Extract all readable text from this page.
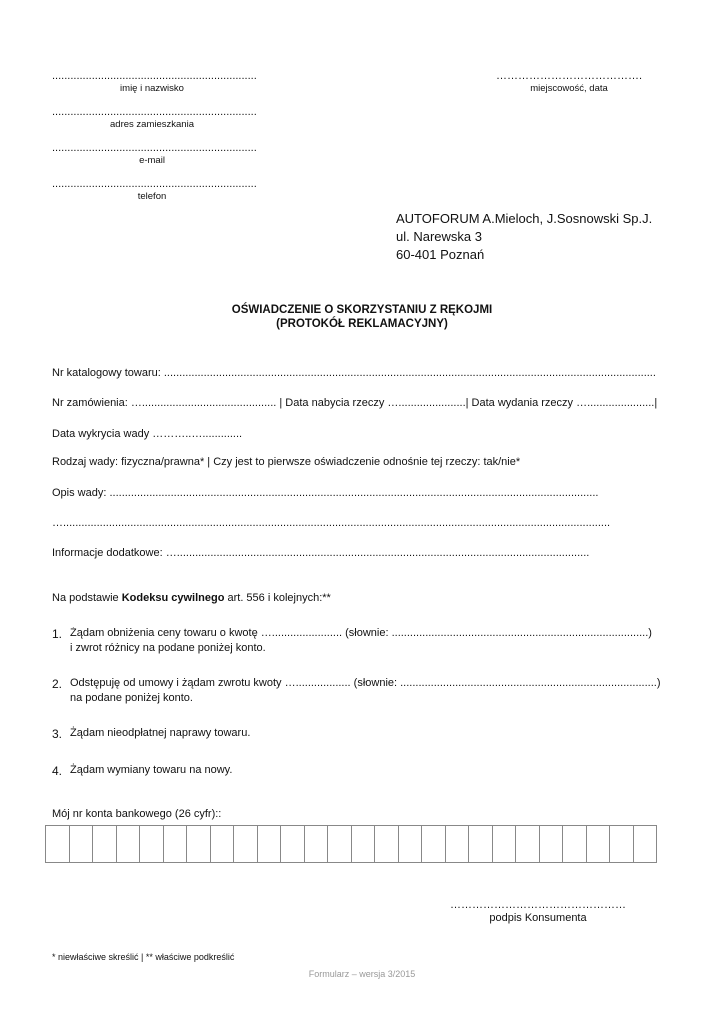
...................................................................
imię i nazwisko
...................................................................
adres zamieszkania
...................................................................
e-mail
...................................................................
telefon
………………………………….
miejscowość, data
AUTOFORUM A.Mieloch, J.Sosnowski Sp.J.
ul. Narewska 3
60-401 Poznań
OŚWIADCZENIE O SKORZYSTANIU Z RĘKOJMI
(PROTOKÓŁ REKLAMACYJNY)
Nr katalogowy towaru: .................................................................................................................................................................
Nr zamówienia: …............................................ | Data nabycia rzeczy …......................| Data wydania rzeczy …......................|
Data wykrycia wady ………..….............
Rodzaj wady: fizyczna/prawna* | Czy jest to pierwsze oświadczenie odnośnie tej rzeczy: tak/nie*
Opis wady: ................................................................................................................................................................
…...................................................................................................................................................................................
Informacje dodatkowe: ….......................................................................................................................................
Na podstawie Kodeksu cywilnego art. 556 i kolejnych:**
1. Żądam obniżenia ceny towaru o kwotę …....................... (słownie: ....................................................................................)
i zwrot różnicy na podane poniżej konto.
2. Odstępuję od umowy i żądam zwrotu kwoty ….................. (słownie: ....................................................................................)
na podane poniżej konto.
3. Żądam nieodpłatnej naprawy towaru.
4. Żądam wymiany towaru na nowy.
Mój nr konta bankowego (26 cyfr)::
…………………………………………
podpis Konsumenta
* niewłaściwe skreślić | ** właściwe podkreślić
Formularz – wersja 3/2015
